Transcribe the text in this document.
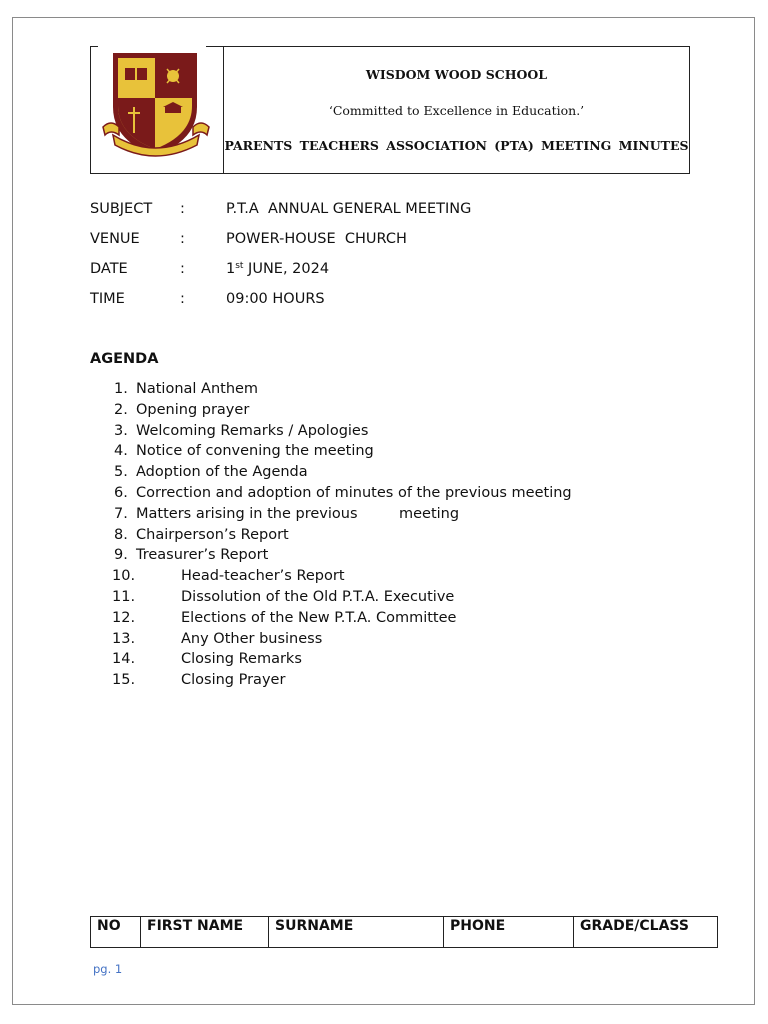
WISDOM WOOD SCHOOL
‘Committed to Excellence in Education.’
PARENTS TEACHERS ASSOCIATION (PTA) MEETING MINUTES
SUBJECT :	P.T.A  ANNUAL GENERAL MEETING
VENUE	:	POWER-HOUSE  CHURCH
DATE	:	1st JUNE, 2024
TIME	:	09:00 HOURS
AGENDA
1. National Anthem
2. Opening prayer
3. Welcoming Remarks / Apologies
4. Notice of convening the meeting
5. Adoption of the Agenda
6. Correction and adoption of minutes of the previous meeting
7. Matters arising in the previous         meeting
8. Chairperson’s Report
9. Treasurer’s Report
10.	Head-teacher’s Report
11.	Dissolution of the Old P.T.A. Executive
12.	Elections of the New P.T.A. Committee
13.	Any Other business
14.	Closing Remarks
15.	Closing Prayer
NO	FIRST NAME	SURNAME	PHONE	GRADE/CLASS
pg. 1
